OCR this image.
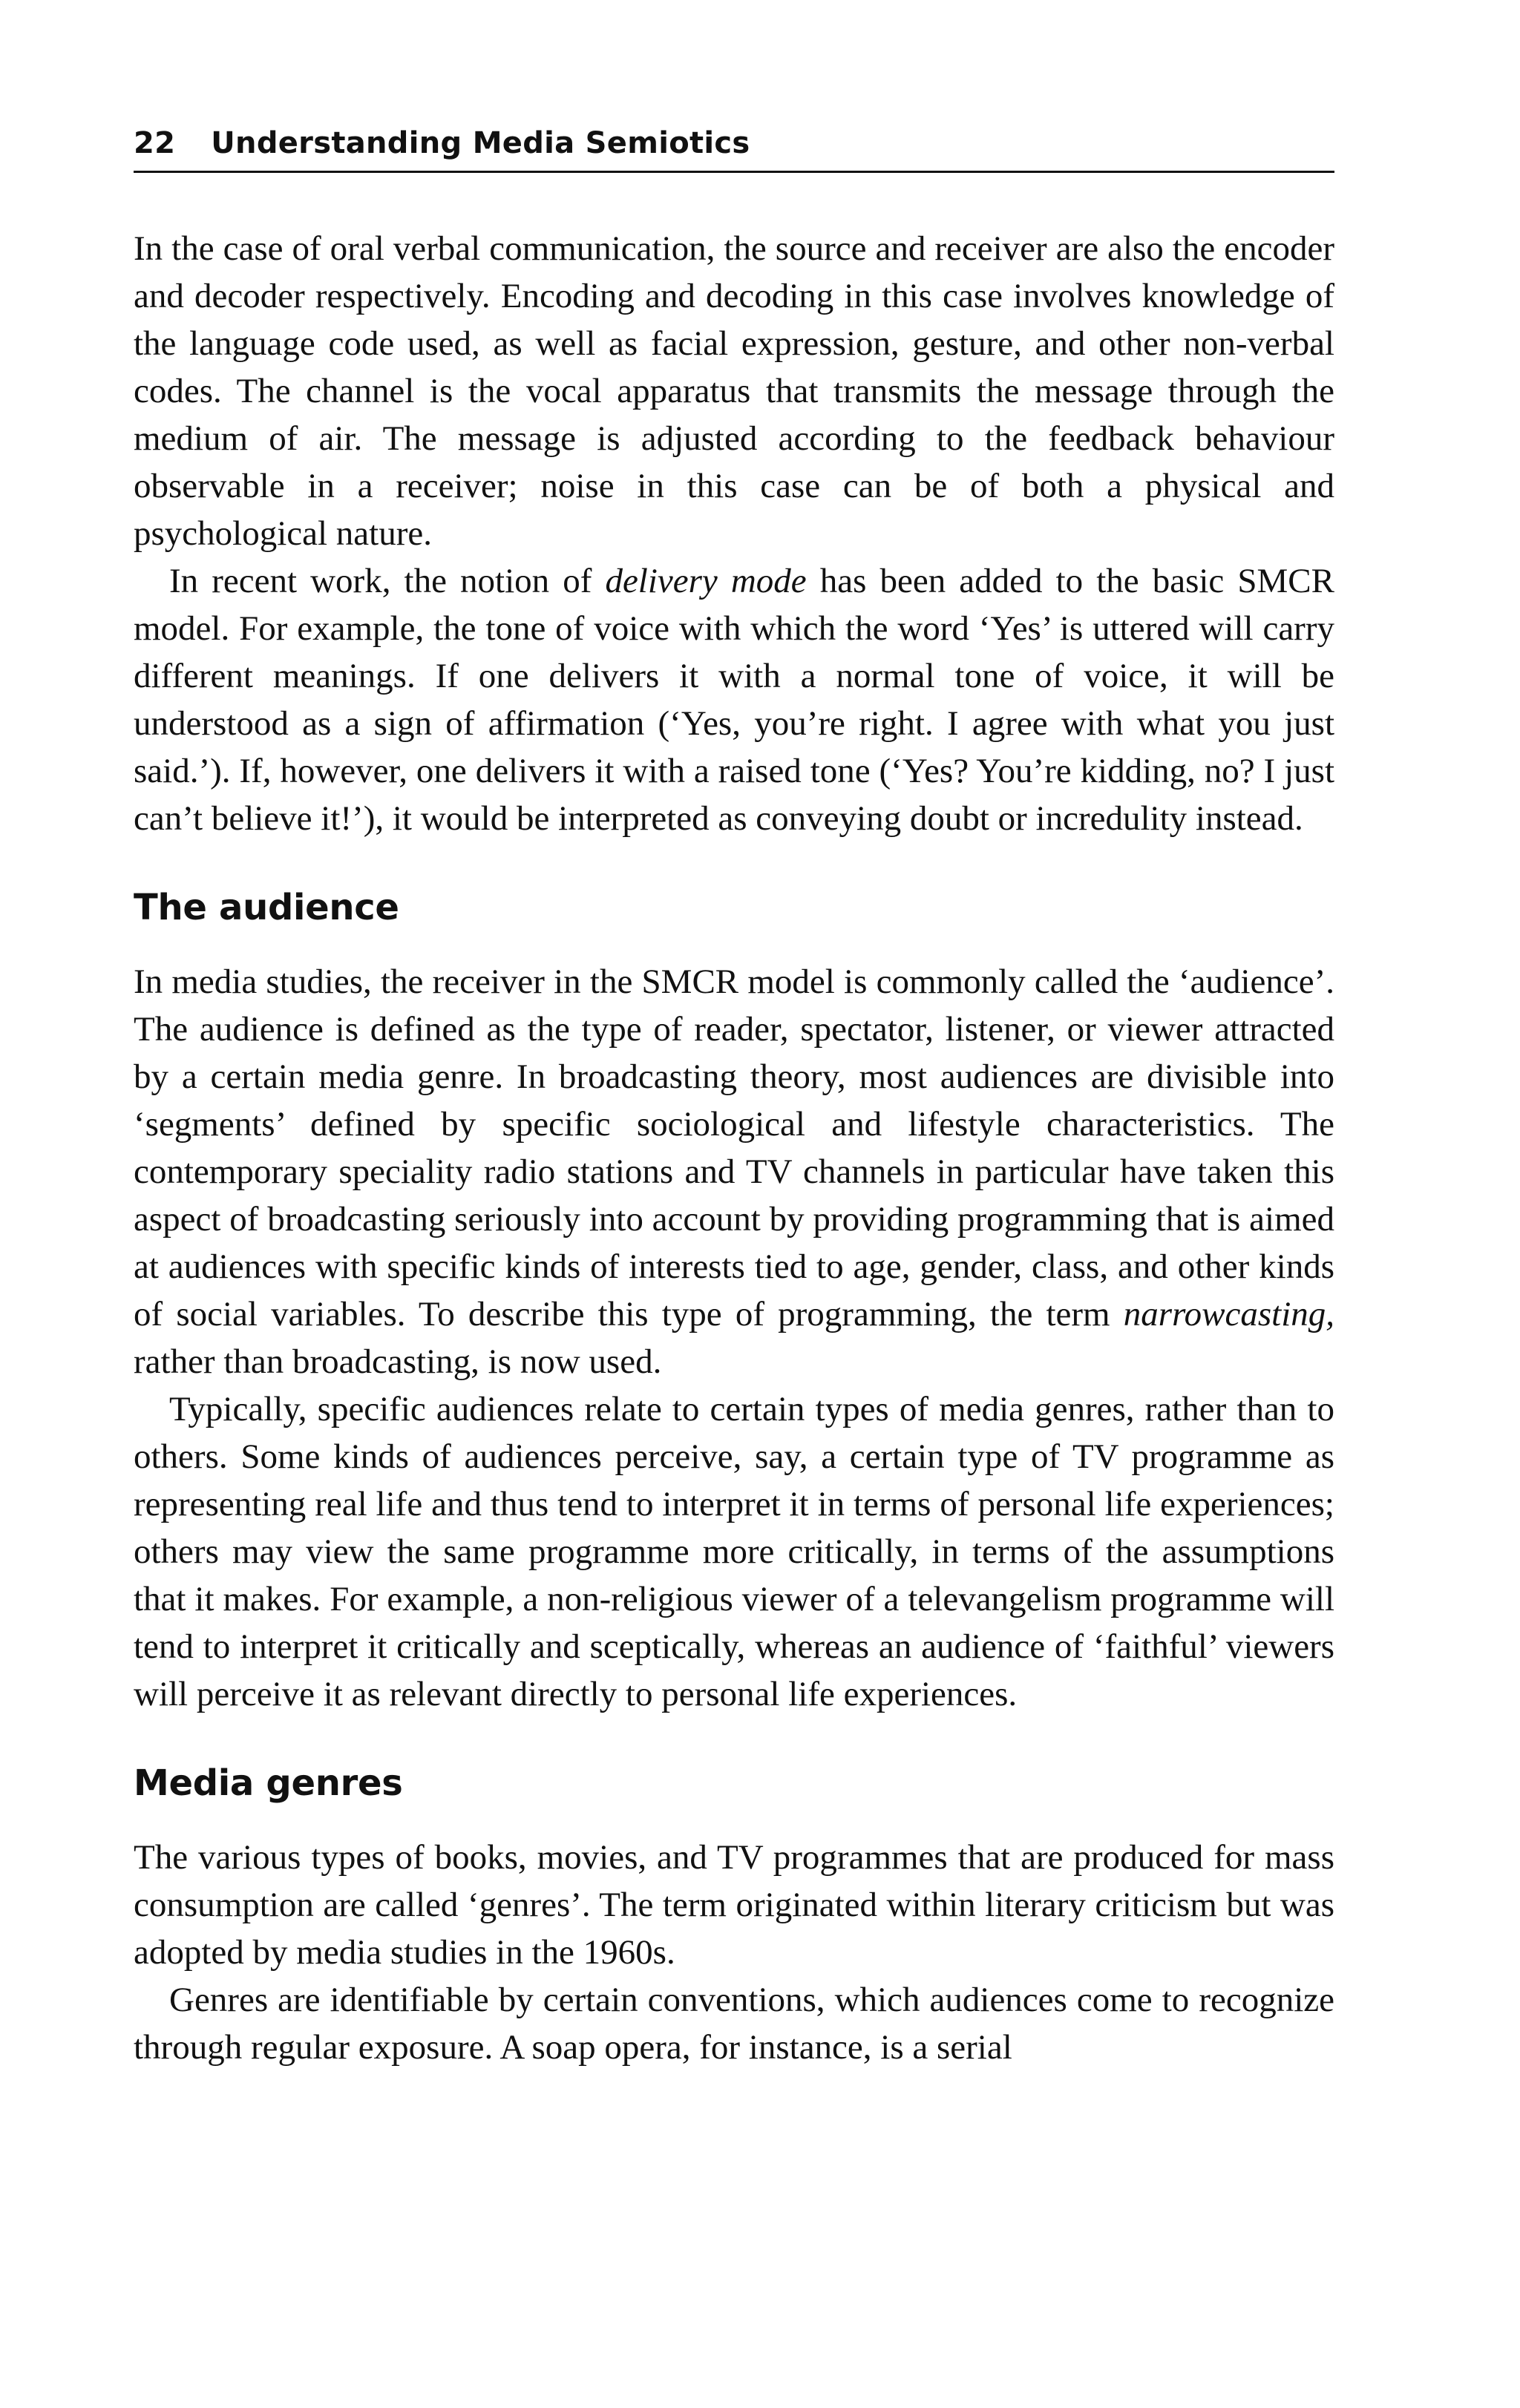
22 Understanding Media Semiotics

In the case of oral verbal communication, the source and receiver are also the encoder and decoder respectively. Encoding and decoding in this case involves knowledge of the language code used, as well as facial expression, gesture, and other non-verbal codes. The channel is the vocal apparatus that transmits the message through the medium of air. The message is adjusted according to the feedback behaviour observable in a receiver; noise in this case can be of both a physical and psychological nature.

In recent work, the notion of delivery mode has been added to the basic SMCR model. For example, the tone of voice with which the word ‘Yes’ is uttered will carry different meanings. If one delivers it with a normal tone of voice, it will be understood as a sign of affirmation (‘Yes, you’re right. I agree with what you just said.’). If, however, one delivers it with a raised tone (‘Yes? You’re kidding, no? I just can’t believe it!’), it would be interpreted as conveying doubt or incredulity instead.

The audience

In media studies, the receiver in the SMCR model is commonly called the ‘audience’. The audience is defined as the type of reader, spectator, listener, or viewer attracted by a certain media genre. In broadcasting theory, most audiences are divisible into ‘segments’ defined by specific sociological and lifestyle characteristics. The contemporary speciality radio stations and TV channels in particular have taken this aspect of broadcasting seriously into account by providing programming that is aimed at audiences with specific kinds of interests tied to age, gender, class, and other kinds of social variables. To describe this type of programming, the term narrowcasting, rather than broadcasting, is now used.

Typically, specific audiences relate to certain types of media genres, rather than to others. Some kinds of audiences perceive, say, a certain type of TV programme as representing real life and thus tend to interpret it in terms of personal life experiences; others may view the same programme more critically, in terms of the assumptions that it makes. For example, a non-religious viewer of a televangelism programme will tend to interpret it critically and sceptically, whereas an audience of ‘faithful’ viewers will perceive it as relevant directly to personal life experiences.

Media genres

The various types of books, movies, and TV programmes that are produced for mass consumption are called ‘genres’. The term originated within literary criticism but was adopted by media studies in the 1960s.

Genres are identifiable by certain conventions, which audiences come to recognize through regular exposure. A soap opera, for instance, is a serial
